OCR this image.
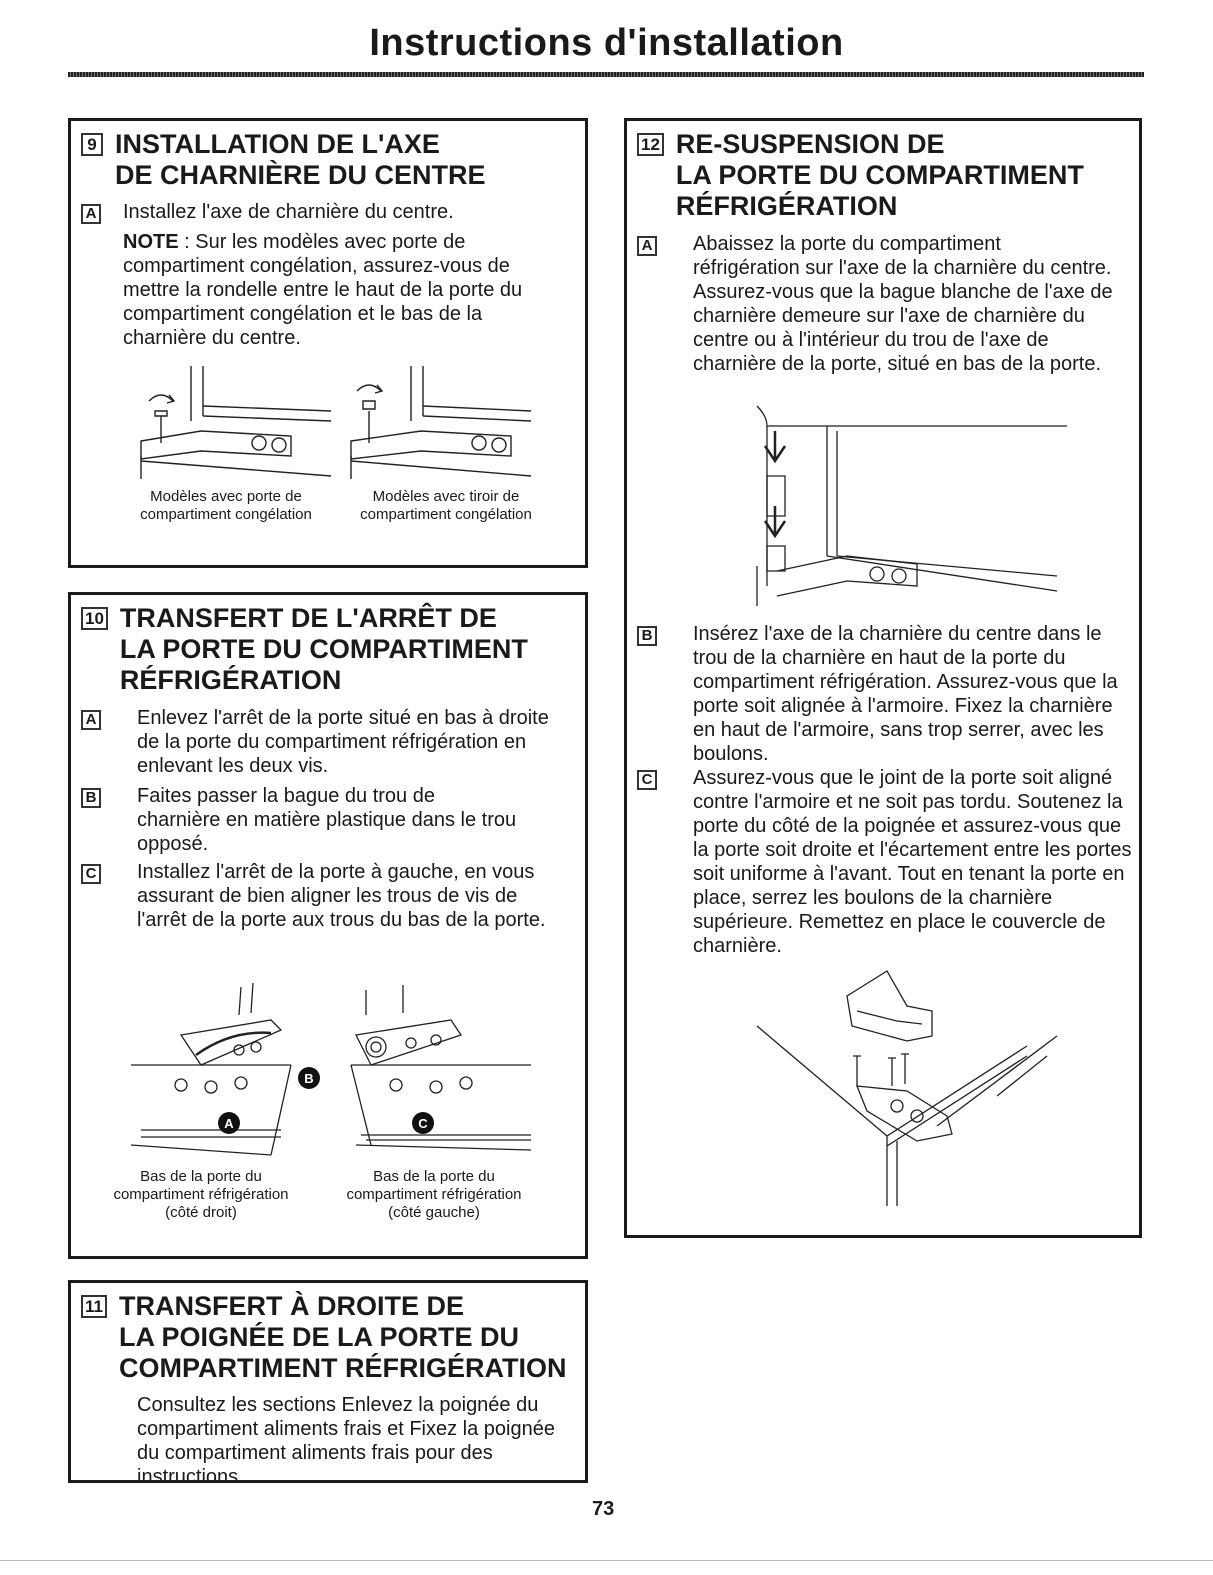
Instructions d'installation
9 INSTALLATION DE L'AXE
DE CHARNIÈRE DU CENTRE
A Installez l'axe de charnière du centre.
NOTE : Sur les modèles avec porte de compartiment congélation, assurez-vous de mettre la rondelle entre le haut de la porte du compartiment congélation et le bas de la charnière du centre.
Modèles avec porte de compartiment congélation
Modèles avec tiroir de compartiment congélation
10 TRANSFERT DE L'ARRÊT DE
LA PORTE DU COMPARTIMENT
RÉFRIGÉRATION
A Enlevez l'arrêt de la porte situé en bas à droite de la porte du compartiment réfrigération en enlevant les deux vis.
Faites passer la bague du trou de charnière en matière plastique dans le trou opposé.
B
C Installez l'arrêt de la porte à gauche, en vous assurant de bien aligner les trous de vis de l'arrêt de la porte aux trous du bas de la porte.
A
B
C
Bas de la porte du compartiment réfrigération (côté droit)
Bas de la porte du compartiment réfrigération (côté gauche)
11 TRANSFERT À DROITE DE
LA POIGNÉE DE LA PORTE DU
COMPARTIMENT RÉFRIGÉRATION
Consultez les sections Enlevez la poignée du compartiment aliments frais et Fixez la poignée du compartiment aliments frais pour des instructions.
12 RE-SUSPENSION DE
LA PORTE DU COMPARTIMENT
RÉFRIGÉRATION
A Abaissez la porte du compartiment réfrigération sur l'axe de la charnière du centre. Assurez-vous que la bague blanche de l'axe de charnière demeure sur l'axe de charnière du centre ou à l'intérieur du trou de l'axe de charnière de la porte, situé en bas de la porte.
B Insérez l'axe de la charnière du centre dans le trou de la charnière en haut de la porte du compartiment réfrigération. Assurez-vous que la porte soit alignée à l'armoire. Fixez la charnière en haut de l'armoire, sans trop serrer, avec les boulons.
C Assurez-vous que le joint de la porte soit aligné contre l'armoire et ne soit pas tordu. Soutenez la porte du côté de la poignée et assurez-vous que la porte soit droite et l'écartement entre les portes soit uniforme à l'avant. Tout en tenant la porte en place, serrez les boulons de la charnière supérieure. Remettez en place le couvercle de charnière.
73
